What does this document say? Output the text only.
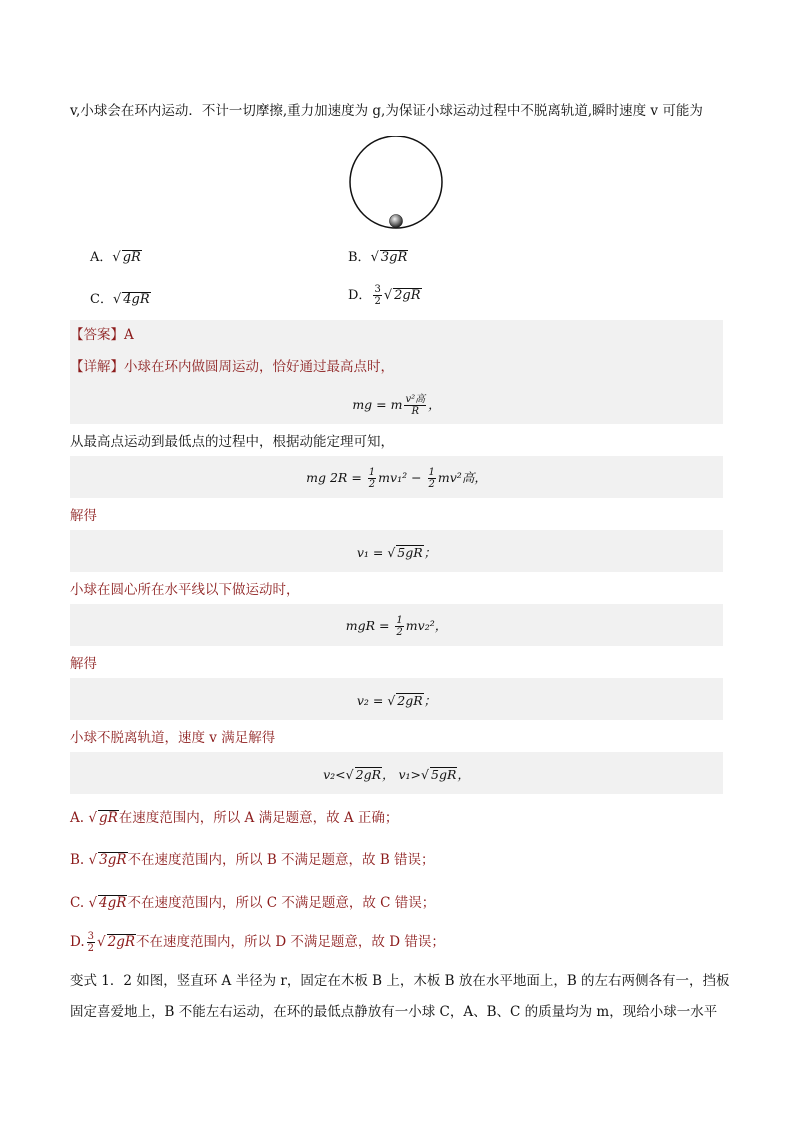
v,小球会在环内运动．不计一切摩擦,重力加速度为 g,为保证小球运动过程中不脱离轨道,瞬时速度 v 可能为
A．√ gR	B．√ 3gR
C．√ 4gR	D． $\frac{3}{2}$ √ 2gR
【答案】A
【详解】小球在环内做圆周运动，恰好通过最高点时，
mg = m $\frac{\text{v²高}}{R}$ ，
从最高点运动到最低点的过程中，根据动能定理可知，
mg $2R = \frac{1}{2} mv_1^2 - \frac{1}{2} mv^2$高，
解得
v₁ = √ 5gR；
小球在圆心所在水平线以下做运动时，
mgR = $\frac{1}{2} mv_2^2$，
解得
v₂ = √ 2gR；
小球不脱离轨道，速度 v 满足解得
v₂<√ 2gR， v₁>√ 5gR，
A. √ gR在速度范围内，所以 A 满足题意，故 A 正确；
B. √ 3gR不在速度范围内，所以 B 不满足题意，故 B 错误；
C. √ 4gR不在速度范围内，所以 C 不满足题意，故 C 错误；
D. $\frac{3}{2}$ √ 2gR不在速度范围内，所以 D 不满足题意，故 D 错误；
变式 1．2 如图，竖直环 A 半径为 r，固定在木板 B 上，木板 B 放在水平地面上，B 的左右两侧各有一，挡板
固定喜爱地上，B 不能左右运动，在环的最低点静放有一小球 C，A、B、C 的质量均为 m，现给小球一水平
